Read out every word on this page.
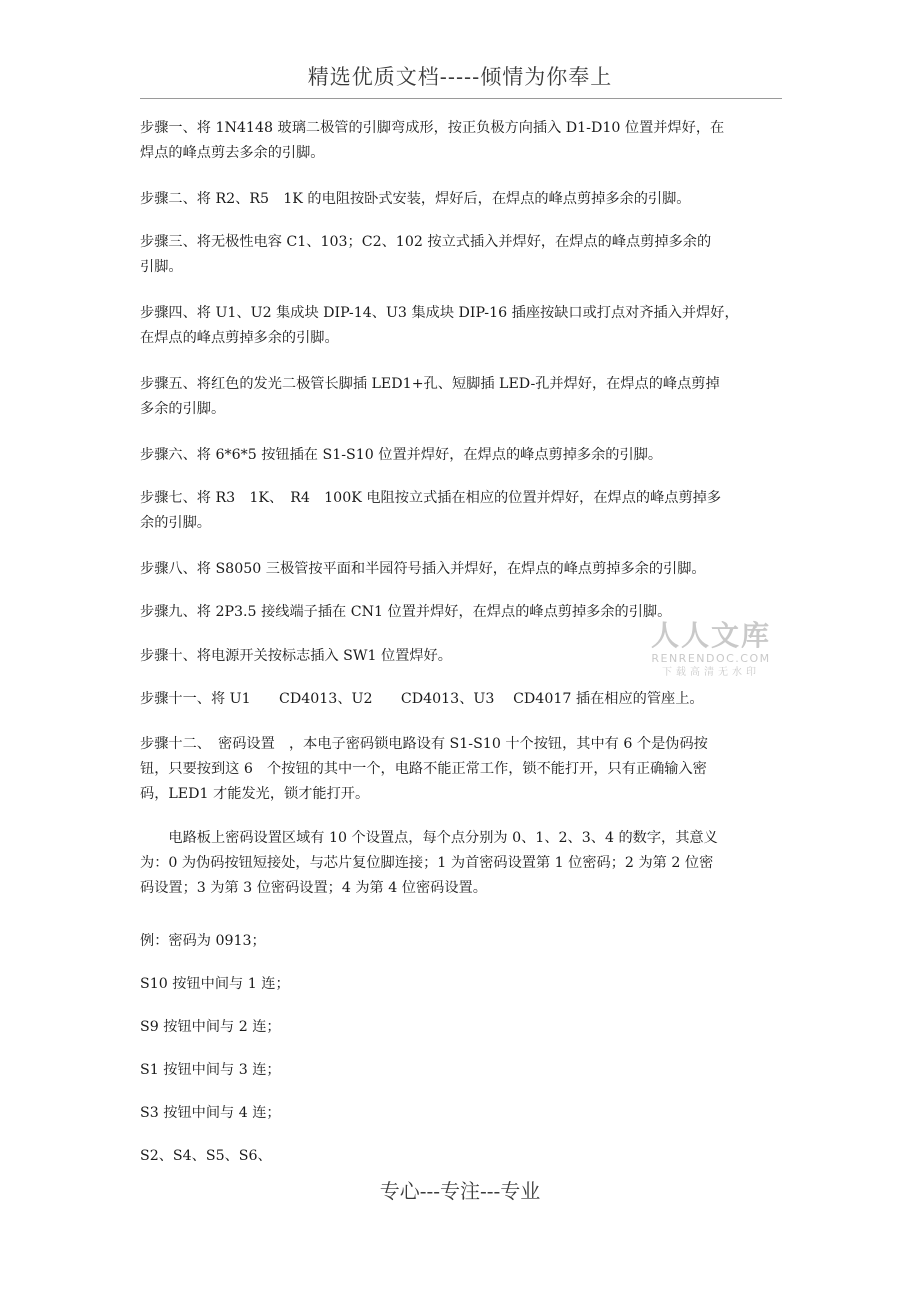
精选优质文档-----倾情为你奉上
步骤一、将 1N4148 玻璃二极管的引脚弯成形，按正负极方向插入 D1-D10 位置并焊好，在
焊点的峰点剪去多余的引脚。
步骤二、将 R2、R5　1K 的电阻按卧式安装，焊好后，在焊点的峰点剪掉多余的引脚。
步骤三、将无极性电容 C1、103；C2、102 按立式插入并焊好，在焊点的峰点剪掉多余的
引脚。
步骤四、将 U1、U2 集成块 DIP-14、U3 集成块 DIP-16 插座按缺口或打点对齐插入并焊好，
在焊点的峰点剪掉多余的引脚。
步骤五、将红色的发光二极管长脚插 LED1+孔、短脚插 LED-孔并焊好，在焊点的峰点剪掉
多余的引脚。
步骤六、将 6*6*5 按钮插在 S1-S10 位置并焊好，在焊点的峰点剪掉多余的引脚。
步骤七、将 R3　1K、　R4　100K 电阻按立式插在相应的位置并焊好，在焊点的峰点剪掉多
余的引脚。
步骤八、将 S8050 三极管按平面和半园符号插入并焊好，在焊点的峰点剪掉多余的引脚。
步骤九、将 2P3.5 接线端子插在 CN1 位置并焊好，在焊点的峰点剪掉多余的引脚。
步骤十、将电源开关按标志插入 SW1 位置焊好。
步骤十一、将 U1　　CD4013、U2　　CD4013、U3　 CD4017 插在相应的管座上。
步骤十二、　密码设置　，本电子密码锁电路设有 S1-S10 十个按钮，其中有 6 个是伪码按
钮，只要按到这 6　个按钮的其中一个，电路不能正常工作，锁不能打开，只有正确输入密
码，LED1 才能发光，锁才能打开。
　　电路板上密码设置区域有 10 个设置点，每个点分别为 0、1、2、3、4 的数字，其意义
为：0 为伪码按钮短接处，与芯片复位脚连接；1 为首密码设置第 1 位密码；2 为第 2 位密
码设置；3 为第 3 位密码设置；4 为第 4 位密码设置。
例：密码为 0913；
S10 按钮中间与 1 连；
S9 按钮中间与 2 连；
S1 按钮中间与 3 连；
S3 按钮中间与 4 连；
S2、S4、S5、S6、
人人文库
RENRENDOC.COM
下载高清无水印
专心---专注---专业
